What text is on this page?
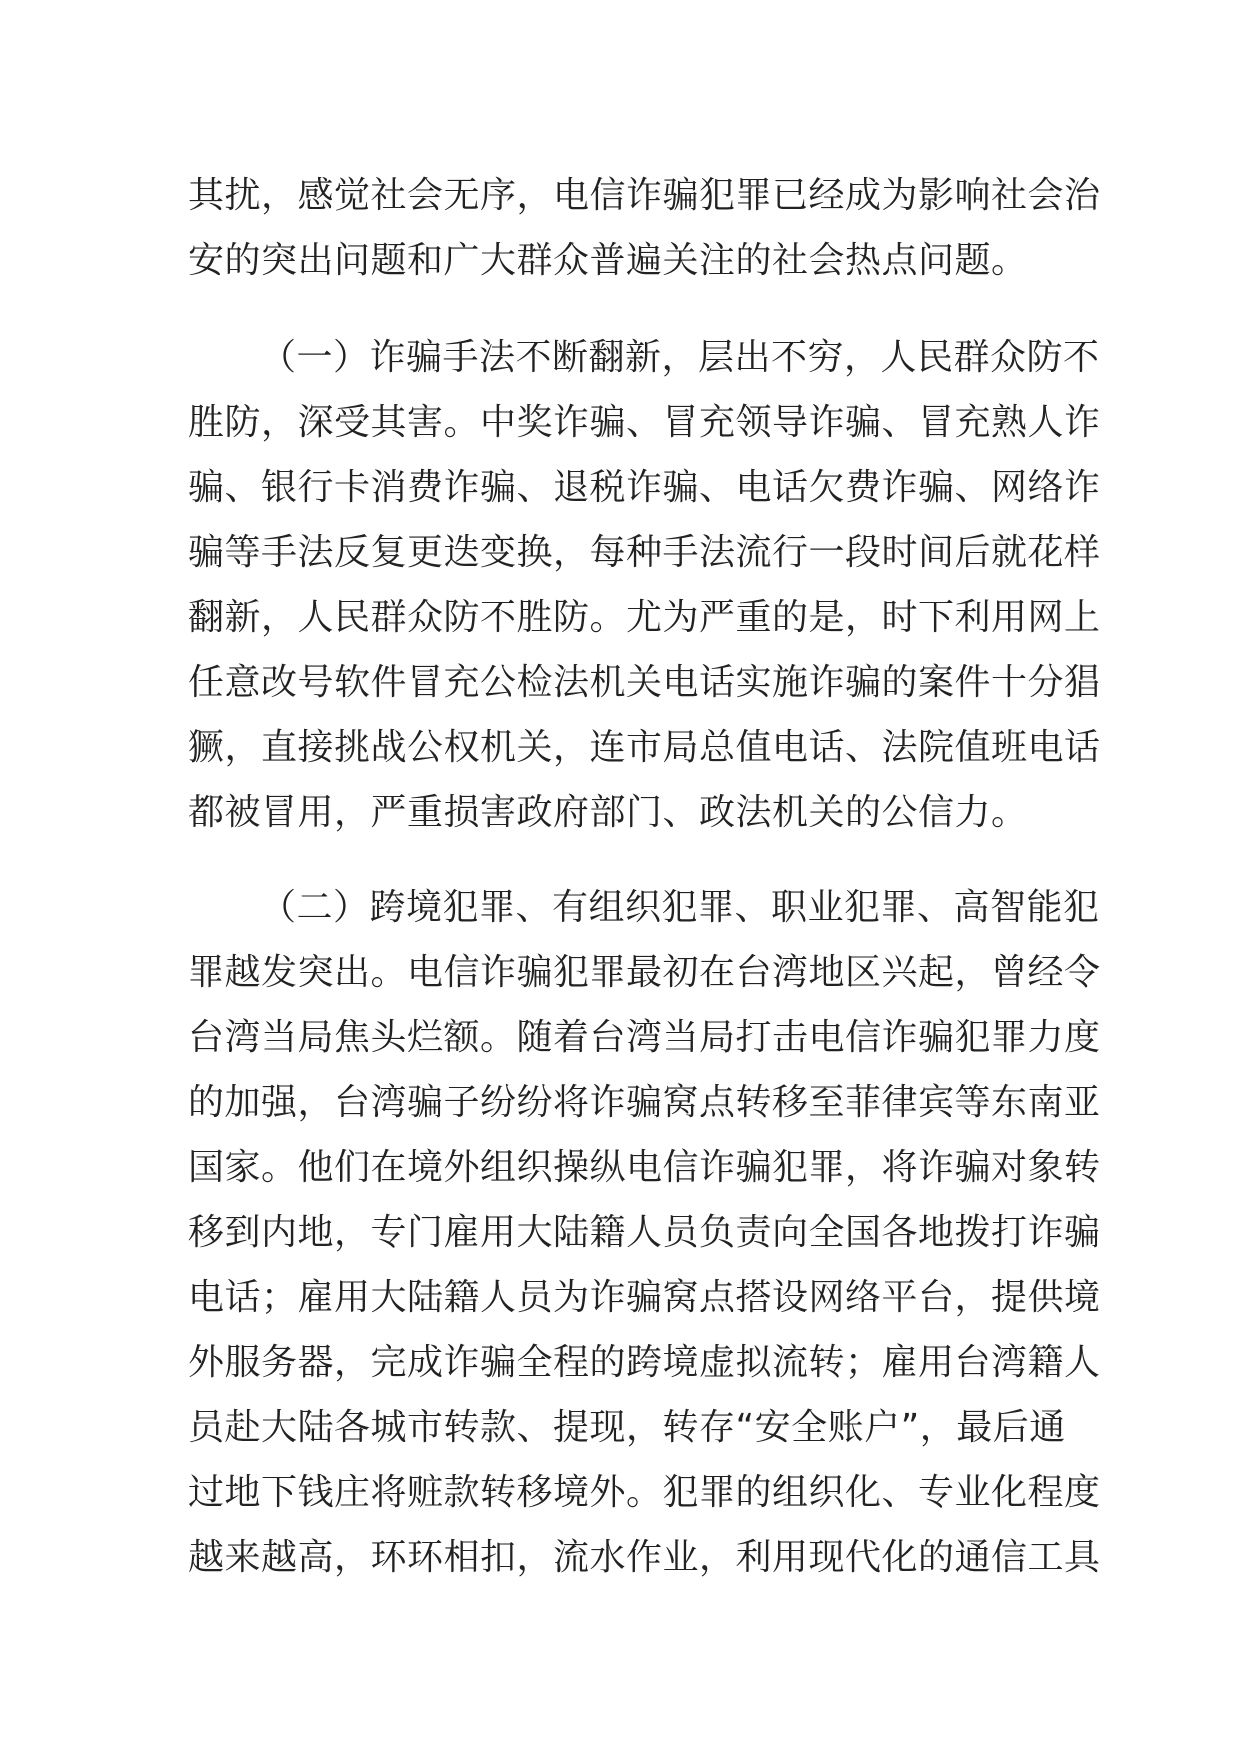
其扰，感觉社会无序，电信诈骗犯罪已经成为影响社会治
安的突出问题和广大群众普遍关注的社会热点问题。
（一）诈骗手法不断翻新，层出不穷，人民群众防不
胜防，深受其害。中奖诈骗、冒充领导诈骗、冒充熟人诈
骗、银行卡消费诈骗、退税诈骗、电话欠费诈骗、网络诈
骗等手法反复更迭变换，每种手法流行一段时间后就花样
翻新，人民群众防不胜防。尤为严重的是，时下利用网上
任意改号软件冒充公检法机关电话实施诈骗的案件十分猖
獗，直接挑战公权机关，连市局总值电话、法院值班电话
都被冒用，严重损害政府部门、政法机关的公信力。
（二）跨境犯罪、有组织犯罪、职业犯罪、高智能犯
罪越发突出。电信诈骗犯罪最初在台湾地区兴起，曾经令
台湾当局焦头烂额。随着台湾当局打击电信诈骗犯罪力度
的加强，台湾骗子纷纷将诈骗窝点转移至菲律宾等东南亚
国家。他们在境外组织操纵电信诈骗犯罪，将诈骗对象转
移到内地，专门雇用大陆籍人员负责向全国各地拨打诈骗
电话；雇用大陆籍人员为诈骗窝点搭设网络平台，提供境
外服务器，完成诈骗全程的跨境虚拟流转；雇用台湾籍人
员赴大陆各城市转款、提现，转存“安全账户”，最后通
过地下钱庄将赃款转移境外。犯罪的组织化、专业化程度
越来越高，环环相扣，流水作业，利用现代化的通信工具
